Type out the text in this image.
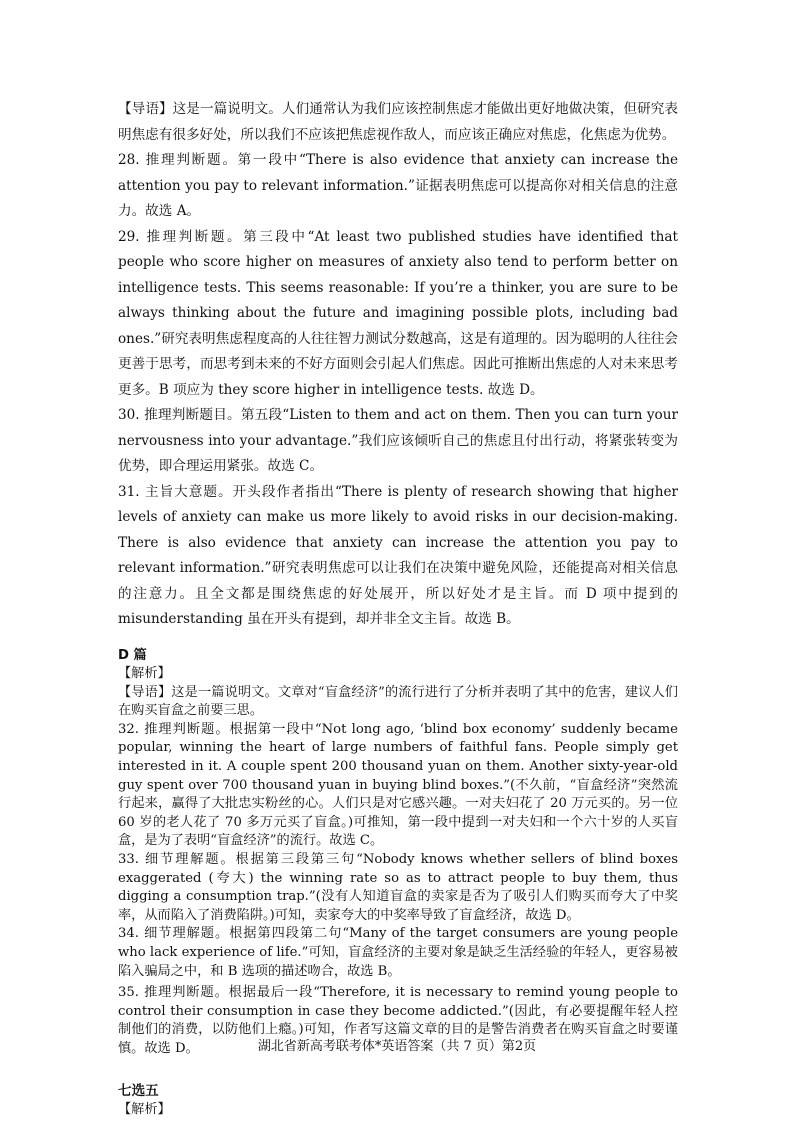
【导语】这是一篇说明文。人们通常认为我们应该控制焦虑才能做出更好地做决策，但研究表明焦虑有很多好处，所以我们不应该把焦虑视作敌人，而应该正确应对焦虑，化焦虑为优势。

28. 推理判断题。第一段中“There is also evidence that anxiety can increase the attention you pay to relevant information.”证据表明焦虑可以提高你对相关信息的注意力。故选 A。

29. 推理判断题。第三段中“At least two published studies have identified that people who score higher on measures of anxiety also tend to perform better on intelligence tests. This seems reasonable: If you’re a thinker, you are sure to be always thinking about the future and imagining possible plots, including bad ones.”研究表明焦虑程度高的人往往智力测试分数越高，这是有道理的。因为聪明的人往往会更善于思考，而思考到未来的不好方面则会引起人们焦虑。因此可推断出焦虑的人对未来思考更多。B 项应为 they score higher in intelligence tests. 故选 D。

30. 推理判断题目。第五段“Listen to them and act on them. Then you can turn your nervousness into your advantage.”我们应该倾听自己的焦虑且付出行动，将紧张转变为优势，即合理运用紧张。故选 C。

31. 主旨大意题。开头段作者指出“There is plenty of research showing that higher levels of anxiety can make us more likely to avoid risks in our decision-making. There is also evidence that anxiety can increase the attention you pay to relevant information.”研究表明焦虑可以让我们在决策中避免风险，还能提高对相关信息的注意力。且全文都是围绕焦虑的好处展开，所以好处才是主旨。而 D 项中提到的 misunderstanding 虽在开头有提到，却并非全文主旨。故选 B。

D 篇

【解析】

【导语】这是一篇说明文。文章对“盲盒经济”的流行进行了分析并表明了其中的危害，建议人们在购买盲盒之前要三思。

32. 推理判断题。根据第一段中“Not long ago, ‘blind box economy’ suddenly became popular, winning the heart of large numbers of faithful fans. People simply get interested in it. A couple spent 200 thousand yuan on them. Another sixty-year-old guy spent over 700 thousand yuan in buying blind boxes.”(不久前，“盲盒经济”突然流行起来，赢得了大批忠实粉丝的心。人们只是对它感兴趣。一对夫妇花了 20 万元买的。另一位 60 岁的老人花了 70 多万元买了盲盒。)可推知，第一段中提到一对夫妇和一个六十岁的人买盲盒，是为了表明“盲盒经济”的流行。故选 C。

33. 细节理解题。根据第三段第三句“Nobody knows whether sellers of blind boxes exaggerated (夸大) the winning rate so as to attract people to buy them, thus digging a consumption trap.”(没有人知道盲盒的卖家是否为了吸引人们购买而夸大了中奖率，从而陷入了消费陷阱。)可知，卖家夸大的中奖率导致了盲盒经济，故选 D。

34. 细节理解题。根据第四段第二句“Many of the target consumers are young people who lack experience of life.”可知，盲盒经济的主要对象是缺乏生活经验的年轻人，更容易被陷入骗局之中，和 B 选项的描述吻合，故选 B。

35. 推理判断题。根据最后一段“Therefore, it is necessary to remind young people to control their consumption in case they become addicted.”(因此，有必要提醒年轻人控制他们的消费，以防他们上瘾。)可知，作者写这篇文章的目的是警告消费者在购买盲盒之时要谨慎。故选 D。

七选五

【解析】

湖北省新高考联考体*英语答案（共 7 页）第2页
